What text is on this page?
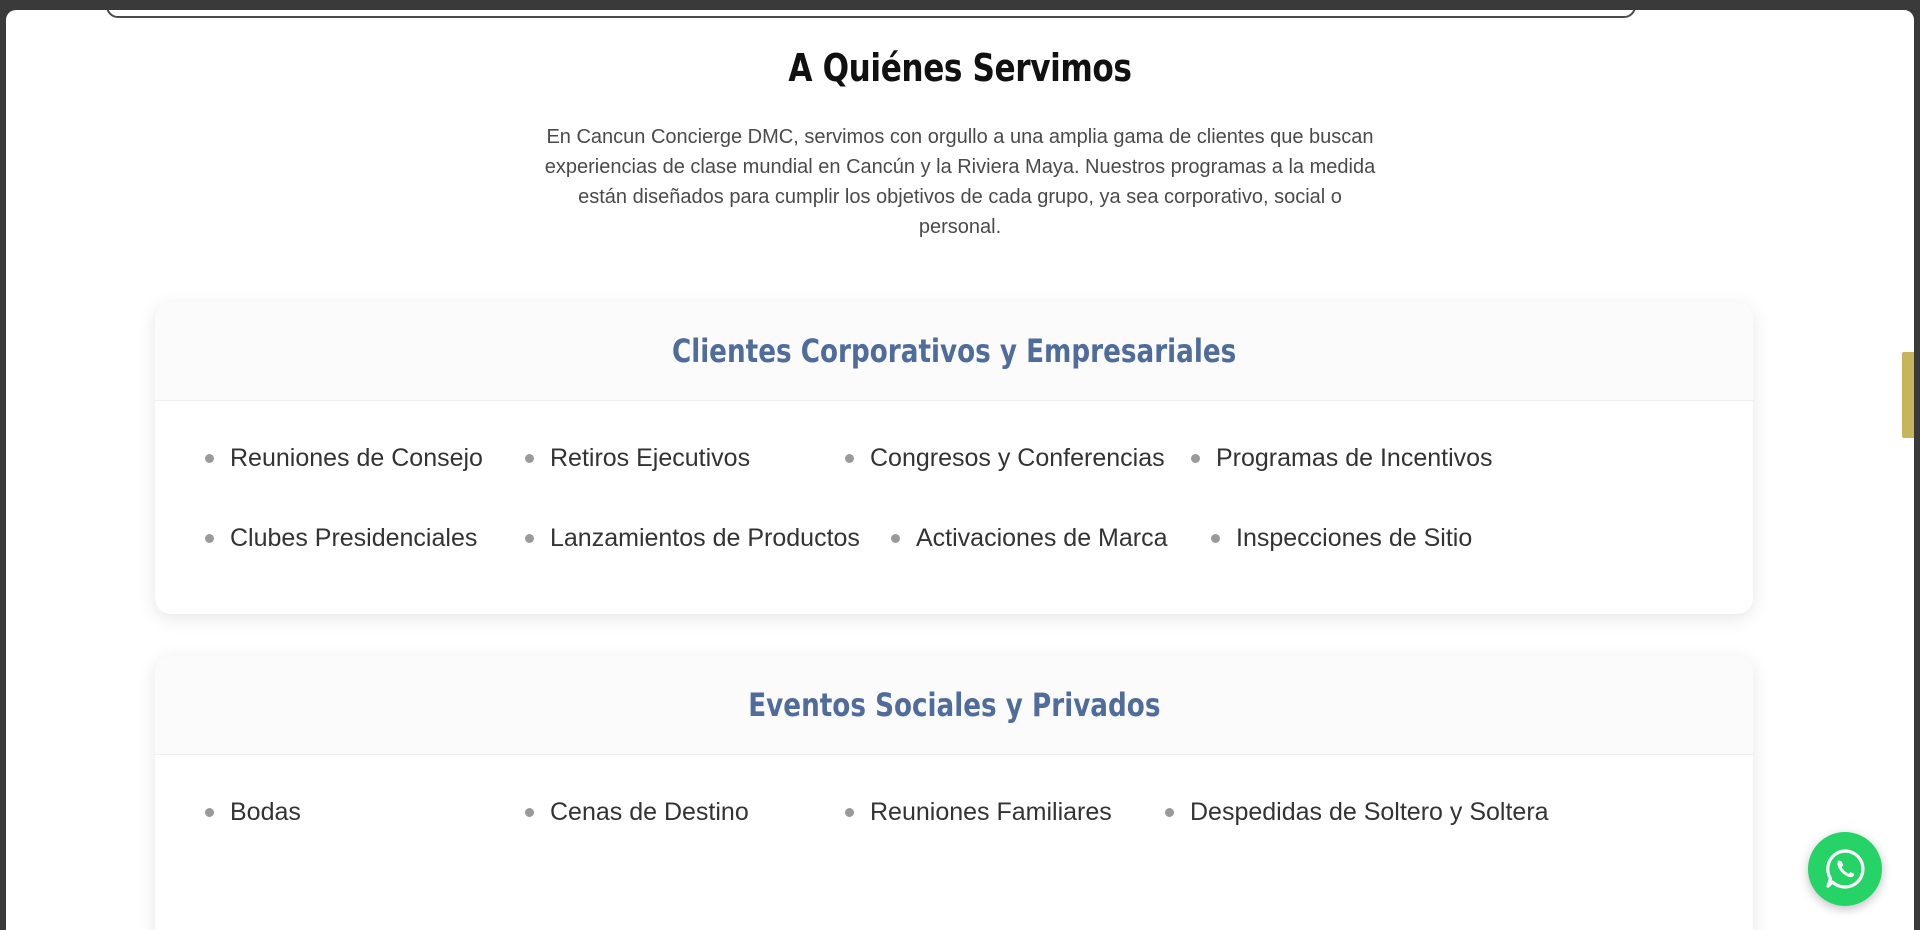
A Quiénes Servimos

En Cancun Concierge DMC, servimos con orgullo a una amplia gama de clientes que buscan experiencias de clase mundial en Cancún y la Riviera Maya. Nuestros programas a la medida están diseñados para cumplir los objetivos de cada grupo, ya sea corporativo, social o personal.

Clientes Corporativos y Empresariales
Reuniones de Consejo	Retiros Ejecutivos	Congresos y Conferencias Programas de Incentivos
Clubes Presidenciales	Lanzamientos de Productos Activaciones de Marca	Inspecciones de Sitio
Eventos Sociales y Privados
Bodas	Cenas de Destino	Reuniones Familiares	Despedidas de Soltero y Soltera
